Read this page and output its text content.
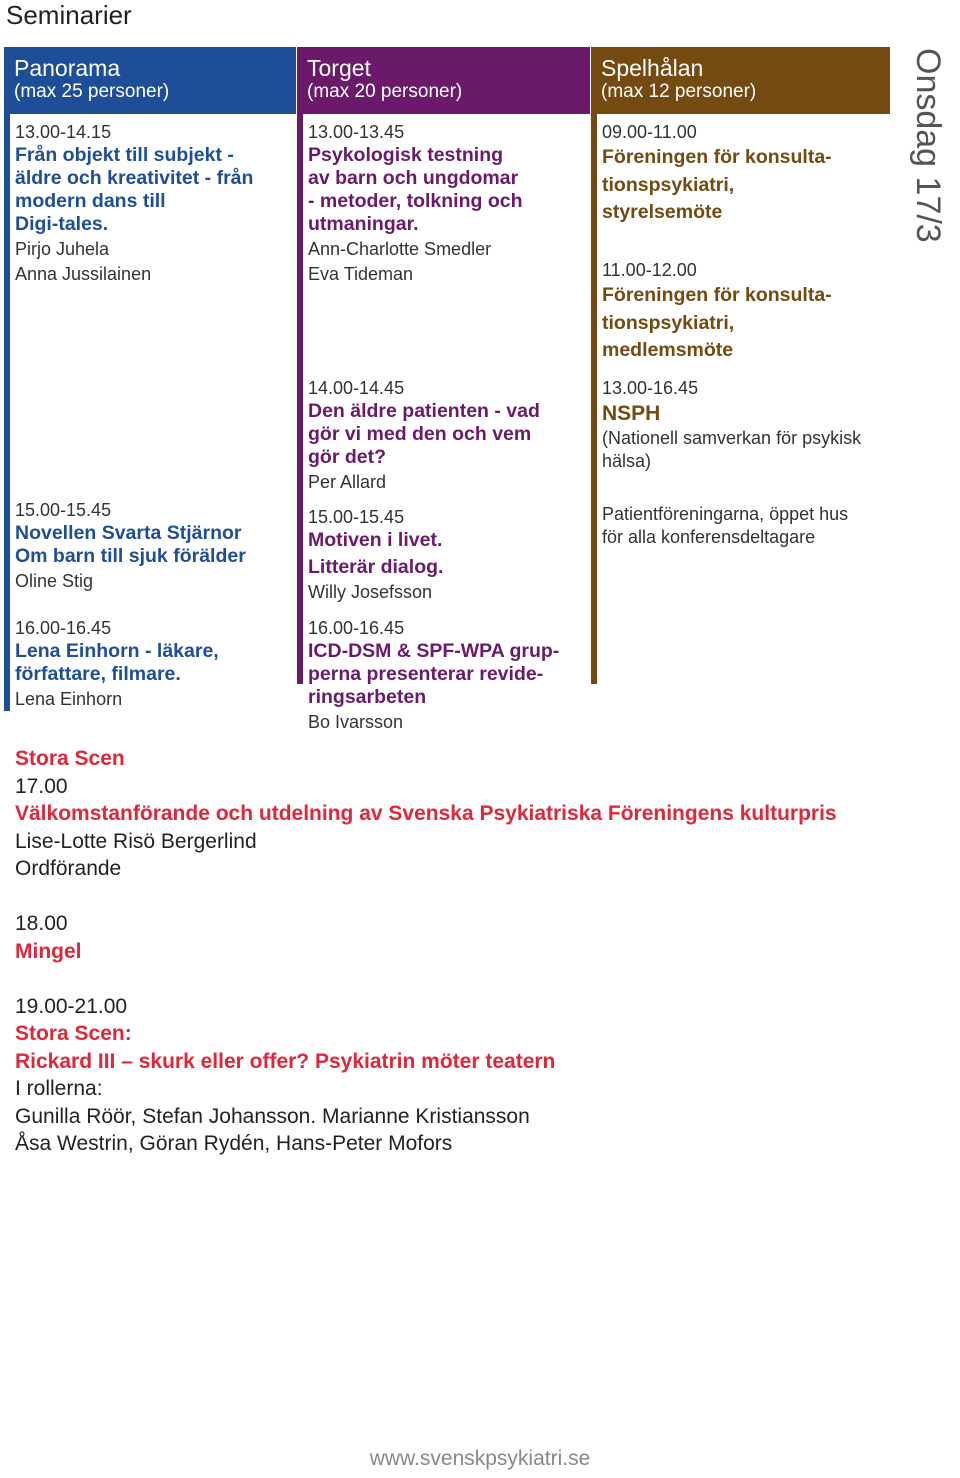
Seminarier
Onsdag 17/3
Panorama
(max 25 personer)
Torget
(max 20 personer)
Spelhålan
(max 12 personer)
13.00-14.15
Från objekt till subjekt -
äldre och kreativitet - från
modern dans till
Digi-tales.
Pirjo Juhela
Anna Jussilainen
15.00-15.45
Novellen Svarta Stjärnor
Om barn till sjuk förälder
Oline Stig
16.00-16.45
Lena Einhorn - läkare,
författare, filmare.
Lena Einhorn
13.00-13.45
Psykologisk testning
av barn och ungdomar
- metoder, tolkning och
utmaningar.
Ann-Charlotte Smedler
Eva Tideman
14.00-14.45
Den äldre patienten - vad
gör vi med den och vem
gör det?
Per Allard
15.00-15.45
Motiven i livet.
Litterär dialog.
Willy Josefsson
16.00-16.45
ICD-DSM & SPF-WPA grup-
perna presenterar revide-
ringsarbeten
Bo Ivarsson
09.00-11.00
Föreningen för konsulta-
tionspsykiatri,
styrelsemöte
11.00-12.00
Föreningen för konsulta-
tionspsykiatri,
medlemsmöte
13.00-16.45
NSPH
(Nationell samverkan för psykisk
hälsa)
Patientföreningarna, öppet hus
för alla konferensdeltagare
Stora Scen
17.00
Välkomstanförande och utdelning av Svenska Psykiatriska Föreningens kulturpris
Lise-Lotte Risö Bergerlind
Ordförande
18.00
Mingel
19.00-21.00
Stora Scen:
Rickard III – skurk eller offer? Psykiatrin möter teatern
I rollerna:
Gunilla Röör, Stefan Johansson. Marianne Kristiansson
Åsa Westrin, Göran Rydén, Hans-Peter Mofors
www.svenskpsykiatri.se
